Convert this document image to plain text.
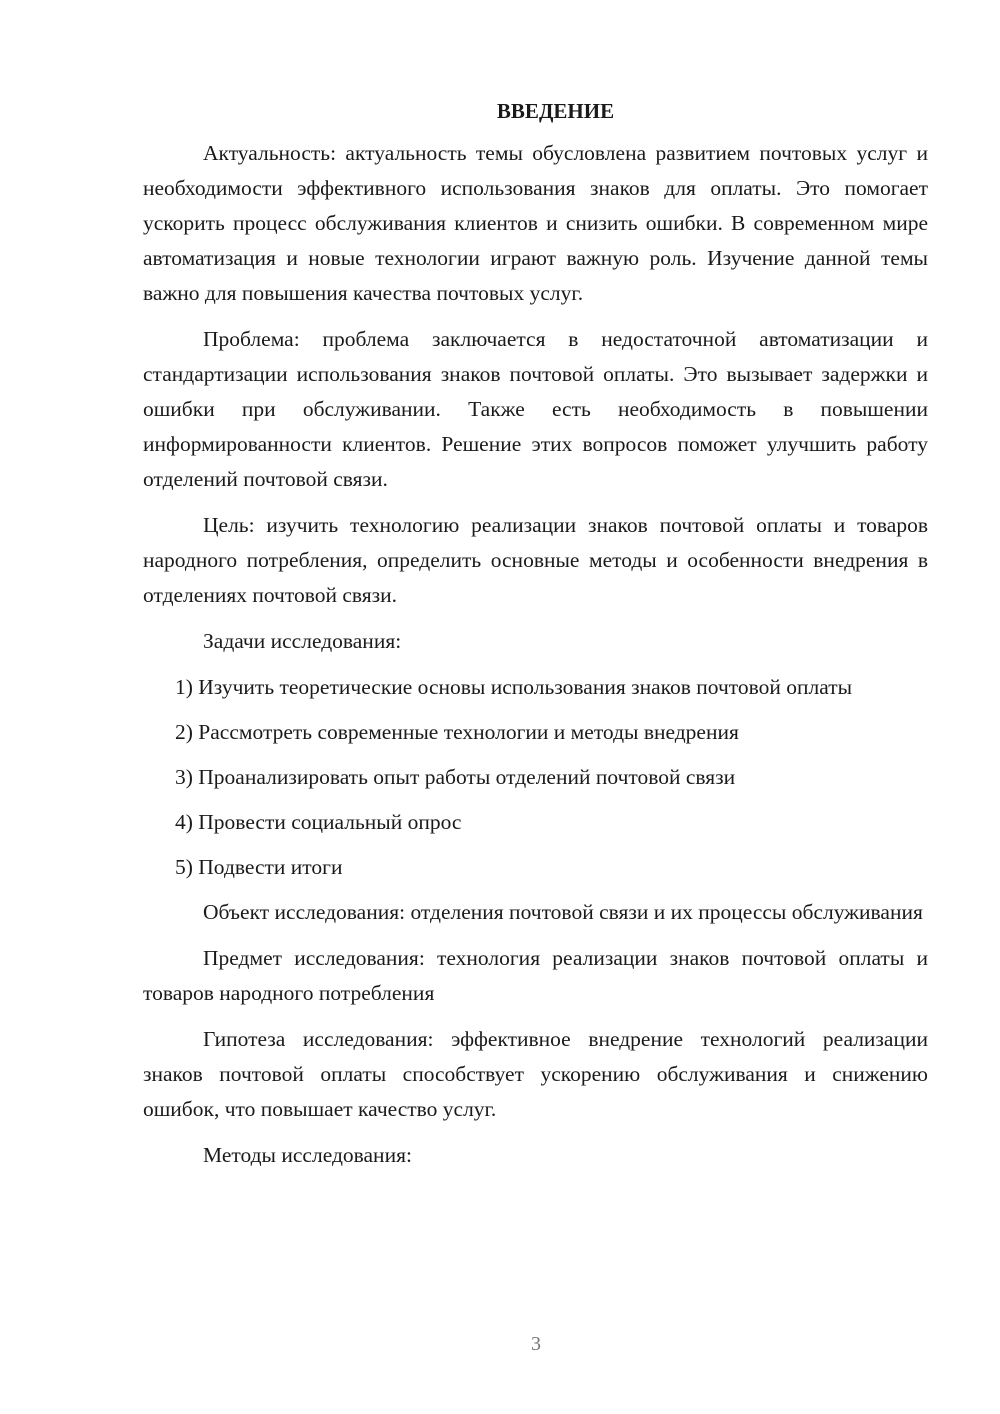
ВВЕДЕНИЕ

Актуальность: актуальность темы обусловлена развитием почтовых услуг и необходимости эффективного использования знаков для оплаты. Это помогает ускорить процесс обслуживания клиентов и снизить ошибки. В современном мире автоматизация и новые технологии играют важную роль. Изучение данной темы важно для повышения качества почтовых услуг.

Проблема: проблема заключается в недостаточной автоматизации и стандартизации использования знаков почтовой оплаты. Это вызывает задержки и ошибки при обслуживании. Также есть необходимость в повышении информированности клиентов. Решение этих вопросов поможет улучшить работу отделений почтовой связи.

Цель: изучить технологию реализации знаков почтовой оплаты и товаров народного потребления, определить основные методы и особенности внедрения в отделениях почтовой связи.

Задачи исследования:

1) Изучить теоретические основы использования знаков почтовой оплаты

2) Рассмотреть современные технологии и методы внедрения

3) Проанализировать опыт работы отделений почтовой связи

4) Провести социальный опрос

5) Подвести итоги

Объект исследования: отделения почтовой связи и их процессы обслуживания

Предмет исследования: технология реализации знаков почтовой оплаты и товаров народного потребления

Гипотеза исследования: эффективное внедрение технологий реализации знаков почтовой оплаты способствует ускорению обслуживания и снижению ошибок, что повышает качество услуг.

Методы исследования:

3
